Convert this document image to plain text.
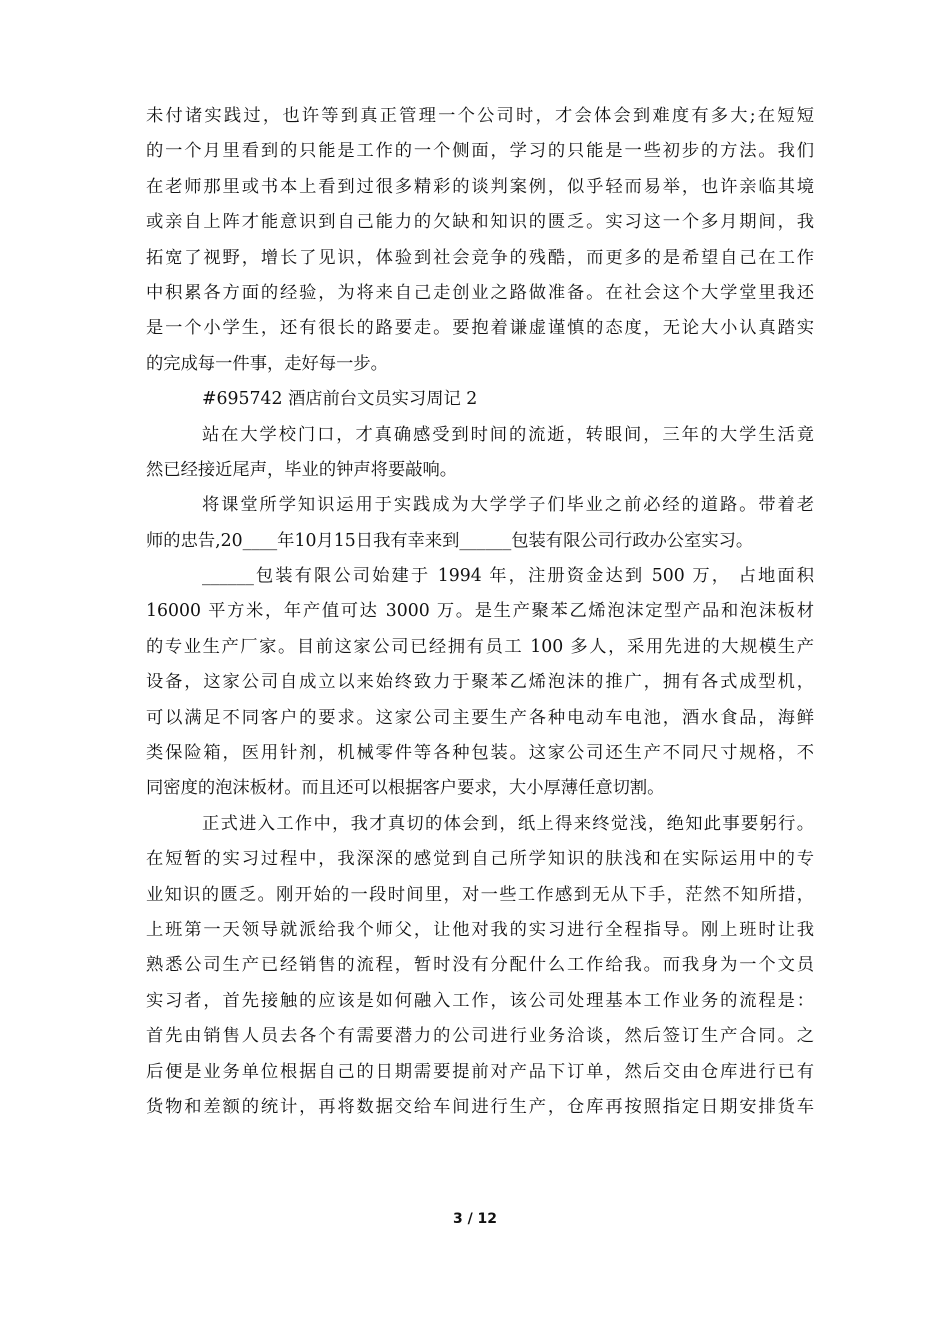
未付诸实践过，也许等到真正管理一个公司时，才会体会到难度有多大;在短短
的一个月里看到的只能是工作的一个侧面，学习的只能是一些初步的方法。我们
在老师那里或书本上看到过很多精彩的谈判案例，似乎轻而易举，也许亲临其境
或亲自上阵才能意识到自己能力的欠缺和知识的匮乏。实习这一个多月期间，我
拓宽了视野，增长了见识，体验到社会竞争的残酷，而更多的是希望自己在工作
中积累各方面的经验，为将来自己走创业之路做准备。在社会这个大学堂里我还
是一个小学生，还有很长的路要走。要抱着谦虚谨慎的态度，无论大小认真踏实
的完成每一件事，走好每一步。
#695742 酒店前台文员实习周记 2
站在大学校门口，才真确感受到时间的流逝，转眼间，三年的大学生活竟
然已经接近尾声，毕业的钟声将要敲响。
将课堂所学知识运用于实践成为大学学子们毕业之前必经的道路。带着老
师的忠告,20____年10月15日我有幸来到______包装有限公司行政办公室实习。
______包装有限公司始建于 1994 年，注册资金达到 500 万， 占地面积
16000 平方米，年产值可达 3000 万。是生产聚苯乙烯泡沫定型产品和泡沫板材
的专业生产厂家。目前这家公司已经拥有员工 100 多人，采用先进的大规模生产
设备，这家公司自成立以来始终致力于聚苯乙烯泡沫的推广，拥有各式成型机，
可以满足不同客户的要求。这家公司主要生产各种电动车电池，酒水食品，海鲜
类保险箱，医用针剂，机械零件等各种包装。这家公司还生产不同尺寸规格，不
同密度的泡沫板材。而且还可以根据客户要求，大小厚薄任意切割。
正式进入工作中，我才真切的体会到，纸上得来终觉浅，绝知此事要躬行。
在短暂的实习过程中，我深深的感觉到自己所学知识的肤浅和在实际运用中的专
业知识的匮乏。刚开始的一段时间里，对一些工作感到无从下手，茫然不知所措，
上班第一天领导就派给我个师父，让他对我的实习进行全程指导。刚上班时让我
熟悉公司生产已经销售的流程，暂时没有分配什么工作给我。而我身为一个文员
实习者，首先接触的应该是如何融入工作，该公司处理基本工作业务的流程是：
首先由销售人员去各个有需要潜力的公司进行业务洽谈，然后签订生产合同。之
后便是业务单位根据自己的日期需要提前对产品下订单，然后交由仓库进行已有
货物和差额的统计，再将数据交给车间进行生产，仓库再按照指定日期安排货车
3 / 12
